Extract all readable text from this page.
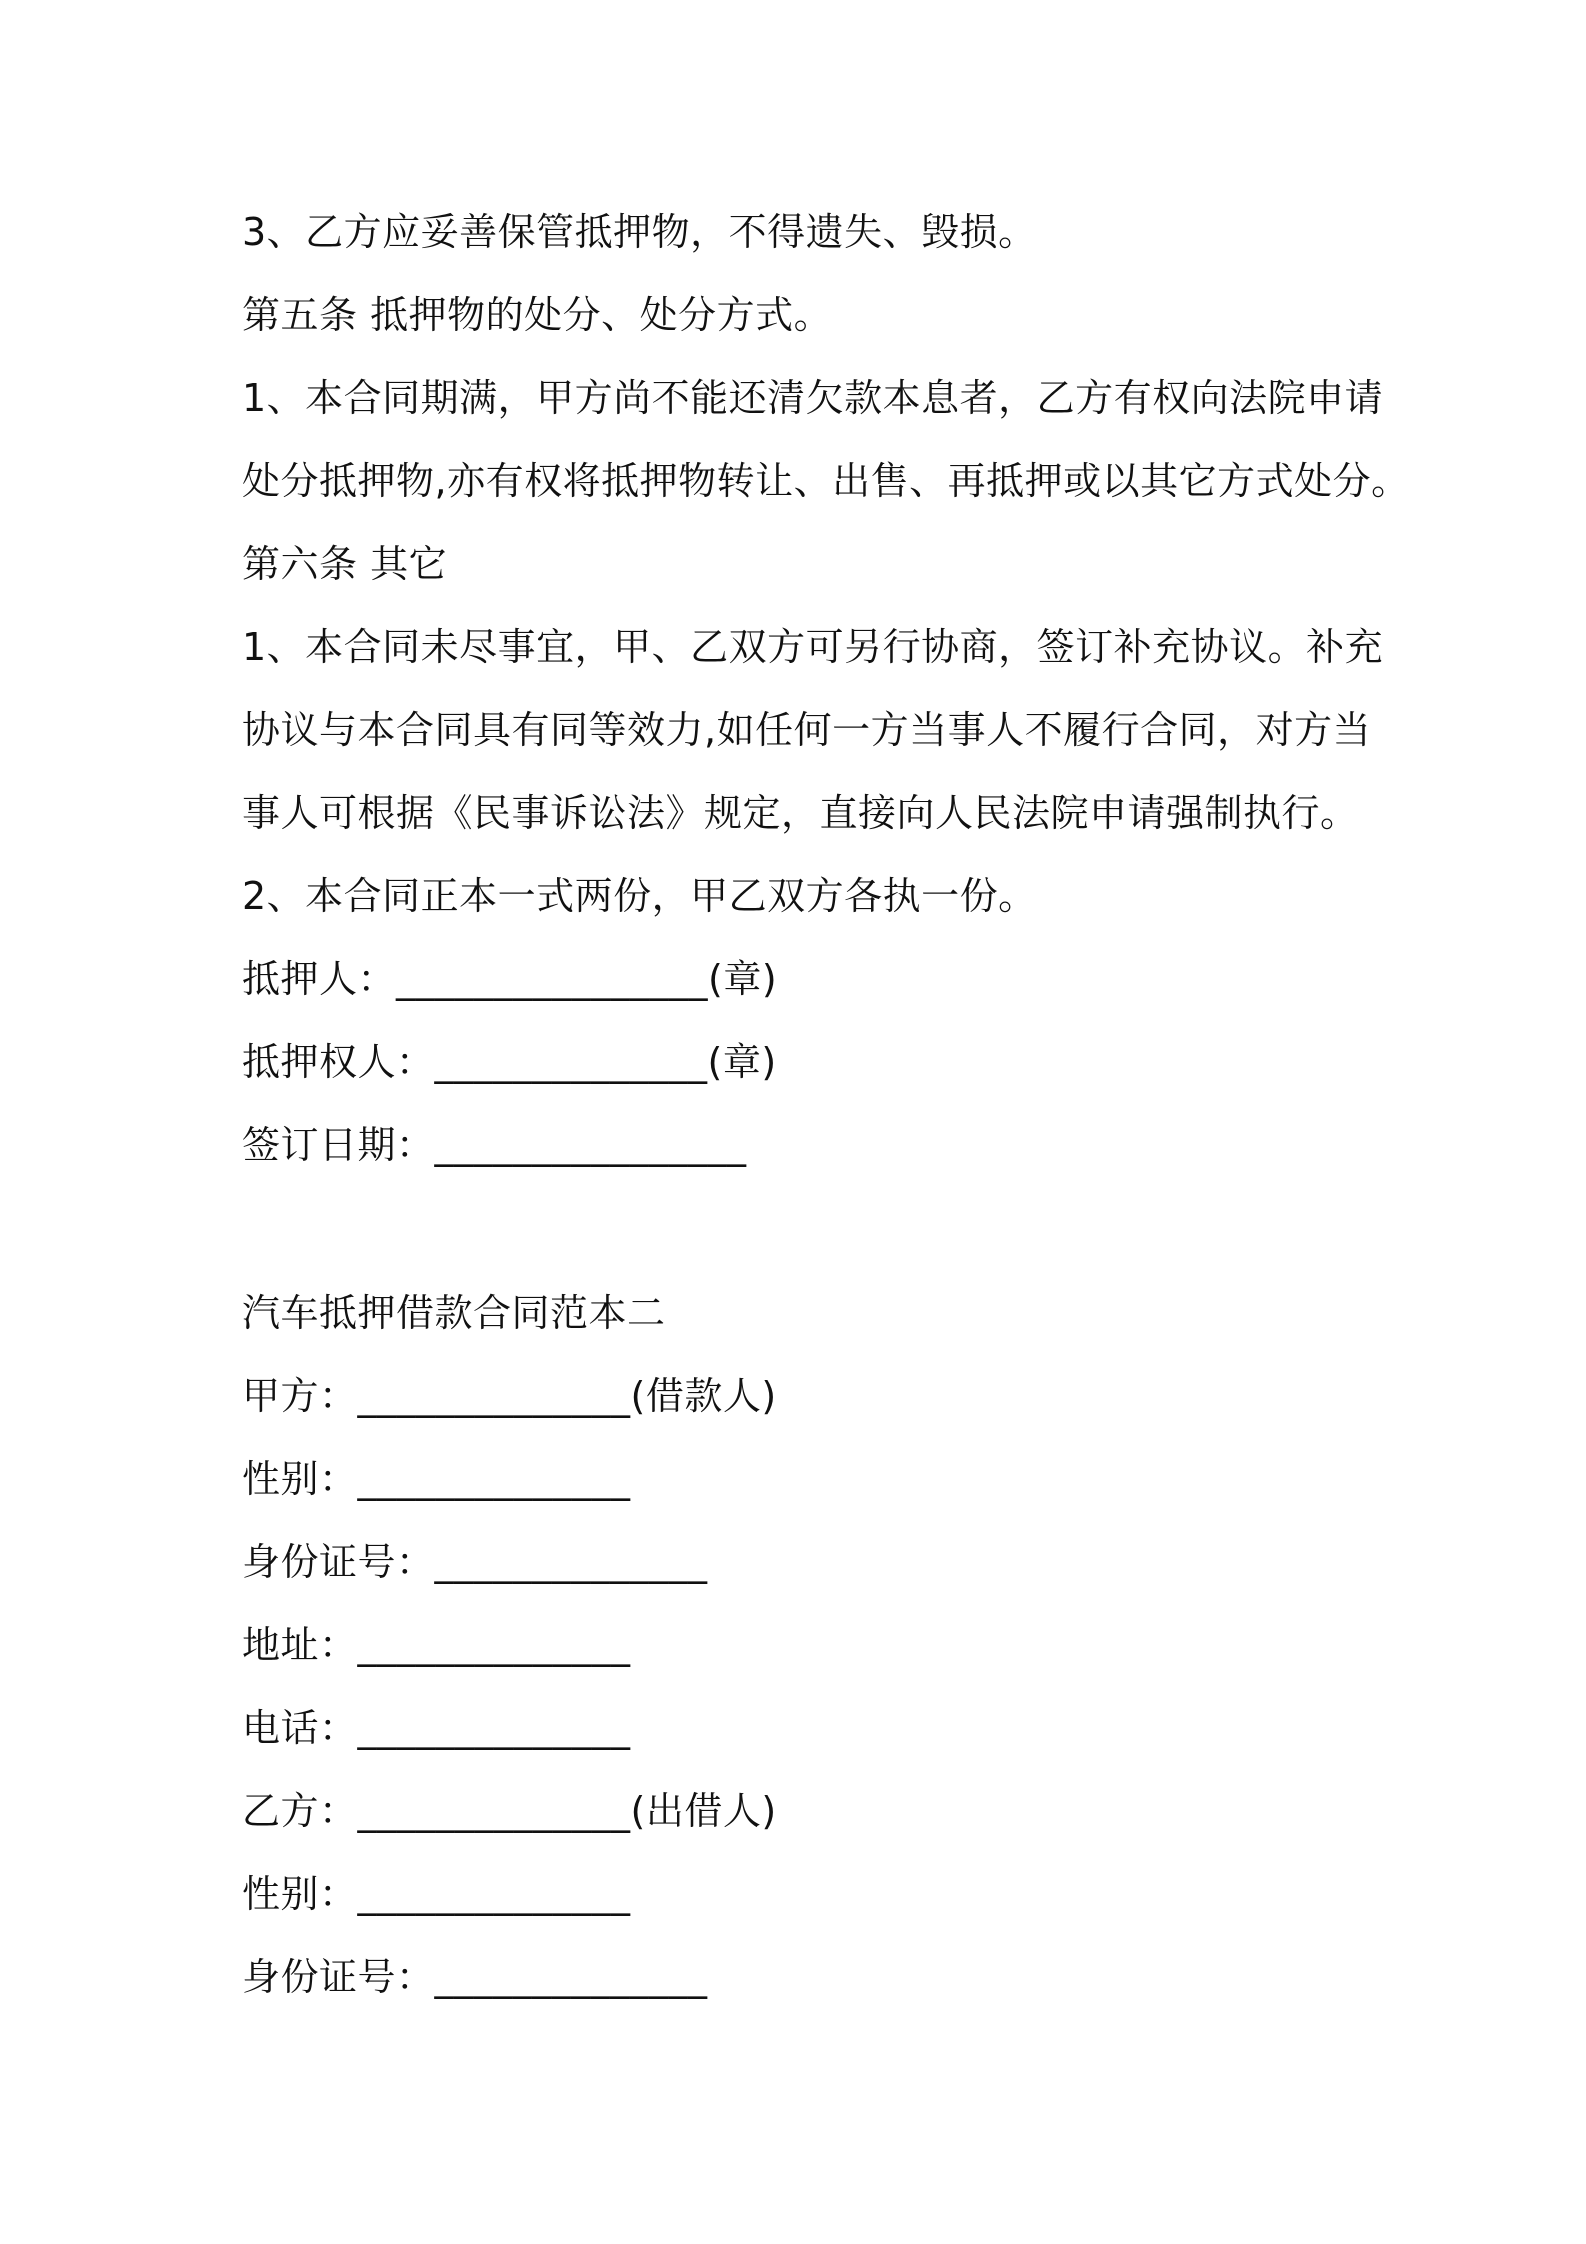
3、乙方应妥善保管抵押物，不得遗失、毁损。
第五条 抵押物的处分、处分方式。
1、本合同期满，甲方尚不能还清欠款本息者，乙方有权向法院申请
处分抵押物,亦有权将抵押物转让、出售、再抵押或以其它方式处分。
第六条 其它
1、本合同未尽事宜，甲、乙双方可另行协商，签订补充协议。补充
协议与本合同具有同等效力,如任何一方当事人不履行合同，对方当
事人可根据《民事诉讼法》规定，直接向人民法院申请强制执行。
2、本合同正本一式两份，甲乙双方各执一份。
抵押人：________________(章)
抵押权人：______________(章)
签订日期：________________
汽车抵押借款合同范本二
甲方：______________(借款人)
性别：______________
身份证号：______________
地址：______________
电话：______________
乙方：______________(出借人)
性别：______________
身份证号：______________
